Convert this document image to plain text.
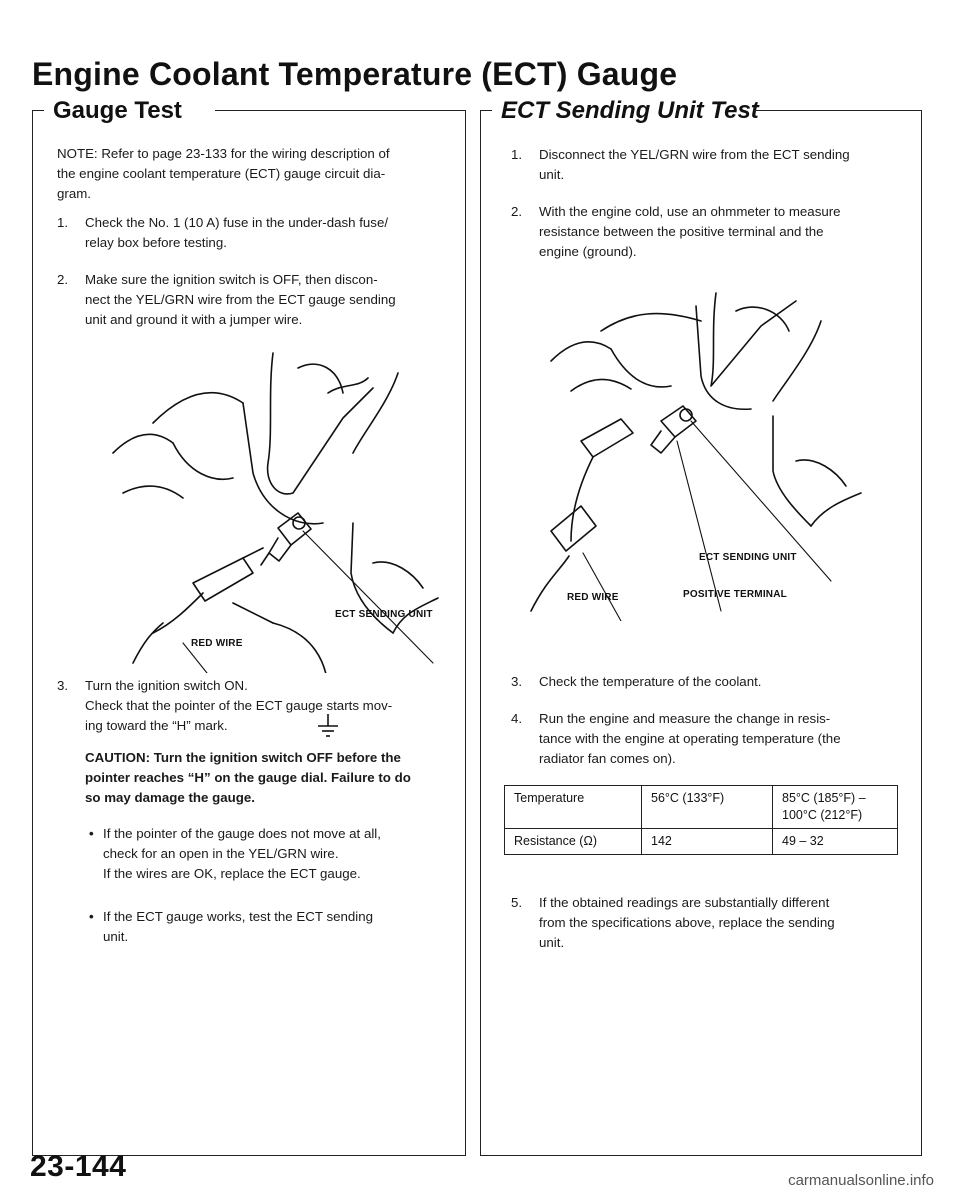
Engine Coolant Temperature (ECT) Gauge
Gauge Test

NOTE: Refer to page 23-133 for the wiring description of

the engine coolant temperature (ECT) gauge circuit dia-

gram.

1. Check the No. 1 (10 A) fuse in the under-dash fuse/

relay box before testing.

2. Make sure the ignition switch is OFF, then discon-

nect the YEL/GRN wire from the ECT gauge sending

unit and ground it with a jumper wire.

ECT SENDING UNIT
RED WIRE
3. Turn the ignition switch ON.

Check that the pointer of the ECT gauge starts mov-

ing toward the “H” mark.

CAUTION: Turn the ignition switch OFF before the

pointer reaches “H” on the gauge dial. Failure to do

so may damage the gauge.

• If the pointer of the gauge does not move at all,

check for an open in the YEL/GRN wire.

If the wires are OK, replace the ECT gauge.

• If the ECT gauge works, test the ECT sending

unit.

ECT Sending Unit Test
1. Disconnect the YEL/GRN wire from the ECT sending

unit.

2. With the engine cold, use an ohmmeter to measure

resistance between the positive terminal and the

engine (ground).

ECT SENDING UNIT
RED WIRE	POSITIVE TERMINAL
3. Check the temperature of the coolant.

4. Run the engine and measure the change in resis-

tance with the engine at operating temperature (the

radiator fan comes on).

Temperature	56°C (133°F)	85°C (185°F) –
100°C (212°F)
Resistance (Ω)	142	49 – 32
5. If the obtained readings are substantially different

from the specifications above, replace the sending

unit.

23-144	carmanualsonline.info
